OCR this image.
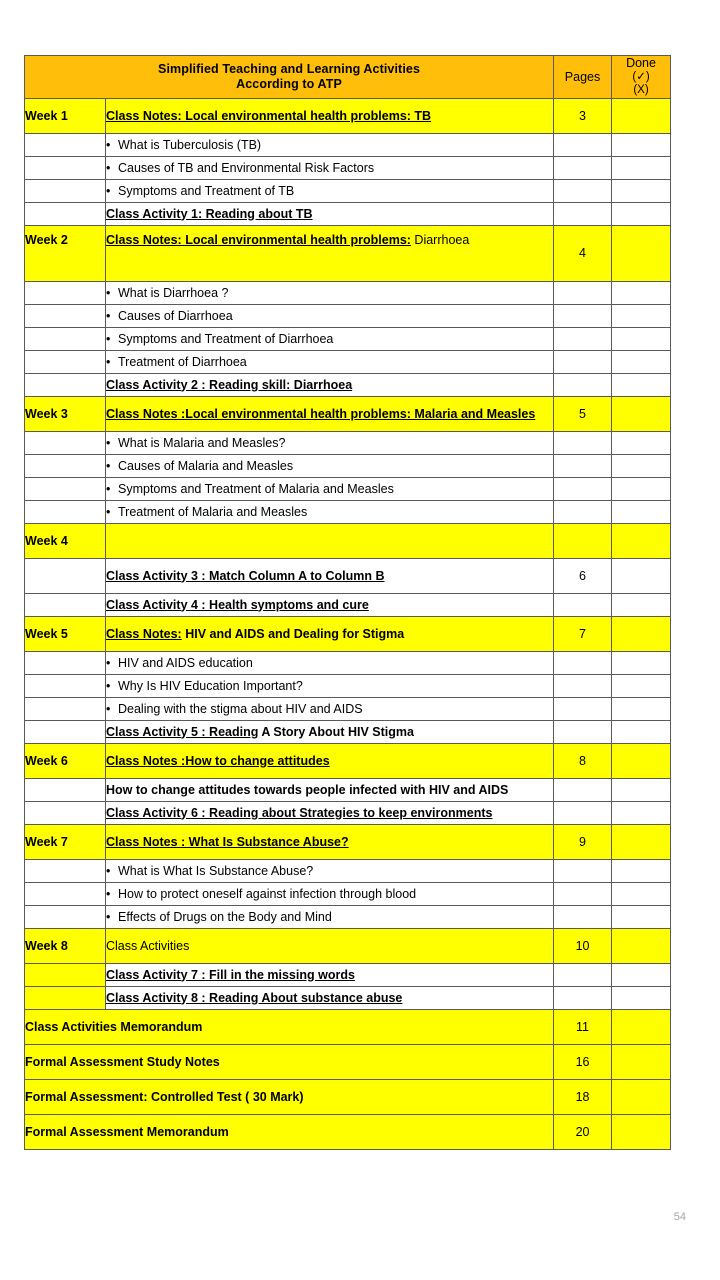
Simplified Teaching and Learning Activities
According to ATP		Pages	Done
(✓)
(X)

Week 1	Class Notes: Local environmental health problems: TB	3	

	• What is Tuberculosis (TB)		

	• Causes of TB and Environmental Risk Factors		

	• Symptoms and Treatment of TB		

	Class Activity 1: Reading about TB		
Week 2	Class Notes: Local environmental health problems: Diarrhoea	4	

	• What is Diarrhoea ?		

	• Causes of Diarrhoea		

	• Symptoms and Treatment of Diarrhoea		

	• Treatment of Diarrhoea		

	Class Activity 2 : Reading skill: Diarrhoea		
Week 3	Class Notes :Local environmental health problems: Malaria and Measles	5	

	• What is Malaria and Measles?		

	• Causes of Malaria and Measles		

	• Symptoms and Treatment of Malaria and Measles		

	• Treatment of Malaria and Measles		

Week 4			
	Class Activity 3 : Match Column A to Column B	6	
	Class Activity 4 : Health symptoms and cure		
Week 5	Class Notes: HIV and AIDS and Dealing for Stigma	7	

	• HIV and AIDS education		

	• Why Is HIV Education Important?		

	• Dealing with the stigma about HIV and AIDS		

	Class Activity 5 : Reading A Story About HIV Stigma		
Week 6	Class Notes :How to change attitudes	8	
	How to change attitudes towards people infected with HIV and AIDS		
	Class Activity 6 : Reading about Strategies to keep environments		
Week 7	Class Notes : What Is Substance Abuse?	9	

	• What is What Is Substance Abuse?		

	• How to protect oneself against infection through blood		

	• Effects of Drugs on the Body and Mind		

Week 8	Class Activities	10	
	Class Activity 7 : Fill in the missing words		
	Class Activity 8 : Reading About substance abuse		
Class Activities Memorandum		11	
Formal Assessment Study Notes		16	
Formal Assessment: Controlled Test ( 30 Mark)		18	
Formal Assessment Memorandum		20	
54
